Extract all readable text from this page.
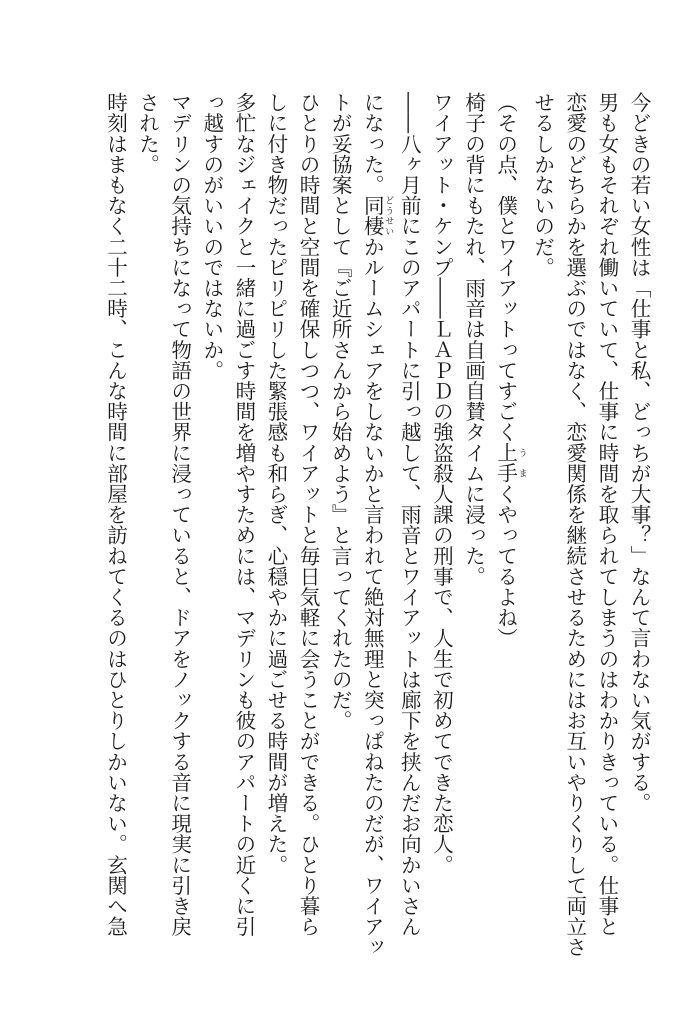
今どきの若い女性は「仕事と私、どっちが大事？」なんて言わない気がする。
男も女もそれぞれ働いていて、仕事に時間を取られてしまうのはわかりきっている。仕事と
恋愛のどちらかを選ぶのではなく、恋愛関係を継続させるためにはお互いやりくりして両立さ
せるしかないのだ。
（その点、僕とワイアットってすごく上手 うまくやってるよね）
椅子の背にもたれ、雨音は自画自賛タイムに浸った。
ワイアット・ケンプ――ＬＡＰＤの強盗殺人課の刑事で、人生で初めてできた恋人。
――八ヶ月前にこのアパートに引っ越して、雨音とワイアットは廊下を挟んだお向かいさん
になった。同棲 どうせいかルームシェアをしないかと言われて絶対無理と突っぱねたのだが、ワイアッ
トが妥協案として『ご近所さんから始めよう』と言ってくれたのだ。
ひとりの時間と空間を確保しつつ、ワイアットと毎日気軽に会うことができる。ひとり暮ら
しに付き物だったピリピリした緊張感も和らぎ、心穏やかに過ごせる時間が増えた。
多忙なジェイクと一緒に過ごす時間を増やすためには、マデリンも彼のアパートの近くに引
っ越すのがいいのではないか。
マデリンの気持ちになって物語の世界に浸っていると、ドアをノックする音に現実に引き戻
された。
時刻はまもなく二十二時、こんな時間に部屋を訪ねてくるのはひとりしかいない。玄関へ急
